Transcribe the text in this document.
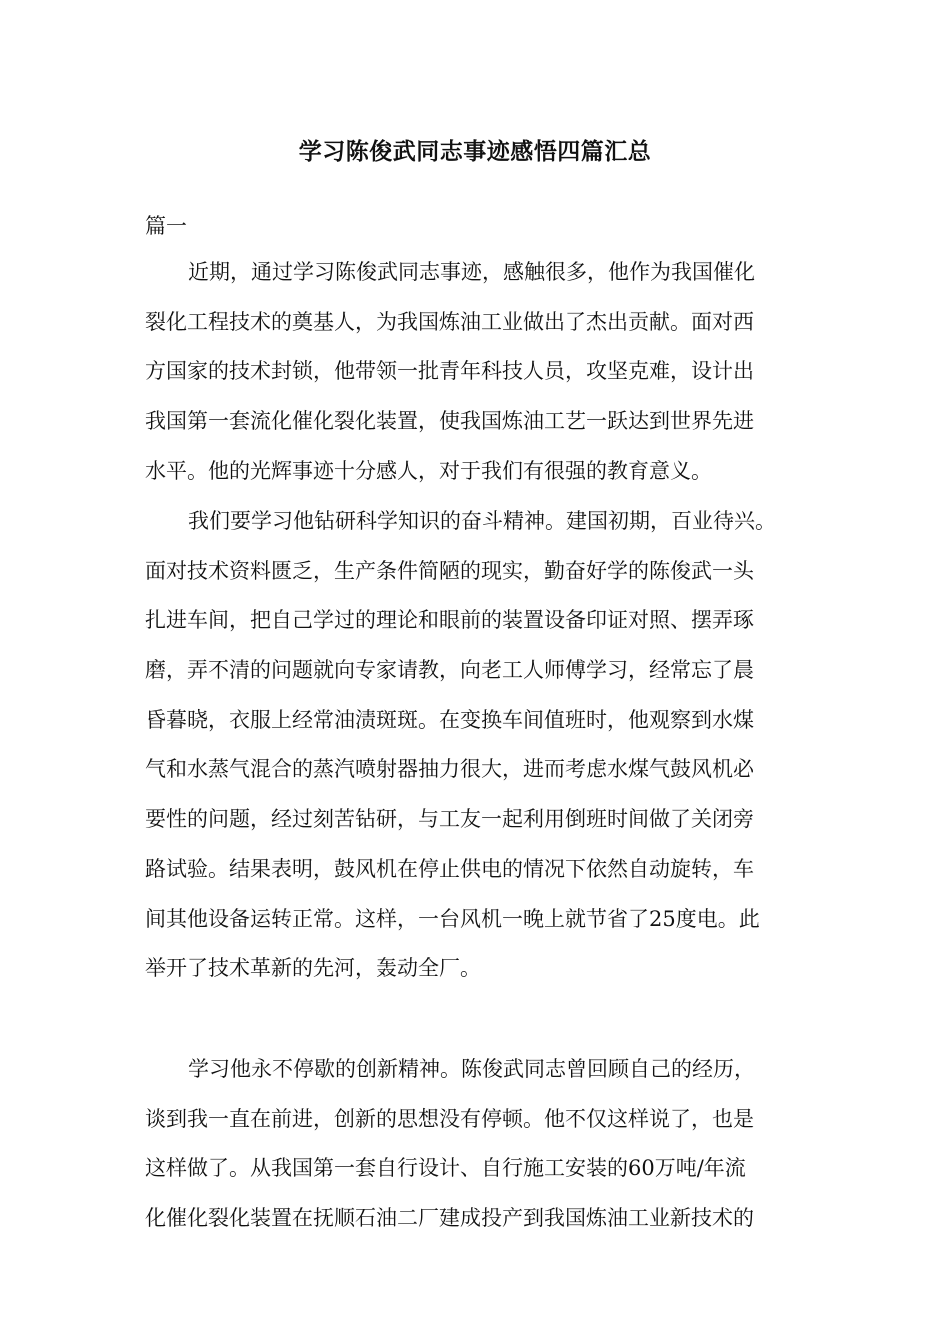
学习陈俊武同志事迹感悟四篇汇总
篇一
近期，通过学习陈俊武同志事迹，感触很多，他作为我国催化
裂化工程技术的奠基人，为我国炼油工业做出了杰出贡献。面对西
方国家的技术封锁，他带领一批青年科技人员，攻坚克难，设计出
我国第一套流化催化裂化装置，使我国炼油工艺一跃达到世界先进
水平。他的光辉事迹十分感人，对于我们有很强的教育意义。
我们要学习他钻研科学知识的奋斗精神。建国初期，百业待兴。
面对技术资料匮乏，生产条件简陋的现实，勤奋好学的陈俊武一头
扎进车间，把自己学过的理论和眼前的装置设备印证对照、摆弄琢
磨，弄不清的问题就向专家请教，向老工人师傅学习，经常忘了晨
昏暮晓，衣服上经常油渍斑斑。在变换车间值班时，他观察到水煤
气和水蒸气混合的蒸汽喷射器抽力很大，进而考虑水煤气鼓风机必
要性的问题，经过刻苦钻研，与工友一起利用倒班时间做了关闭旁
路试验。结果表明，鼓风机在停止供电的情况下依然自动旋转，车
间其他设备运转正常。这样，一台风机一晚上就节省了25度电。此
举开了技术革新的先河，轰动全厂。
学习他永不停歇的创新精神。陈俊武同志曾回顾自己的经历，
谈到我一直在前进，创新的思想没有停顿。他不仅这样说了，也是
这样做了。从我国第一套自行设计、自行施工安装的60万吨/年流
化催化裂化装置在抚顺石油二厂建成投产到我国炼油工业新技术的
